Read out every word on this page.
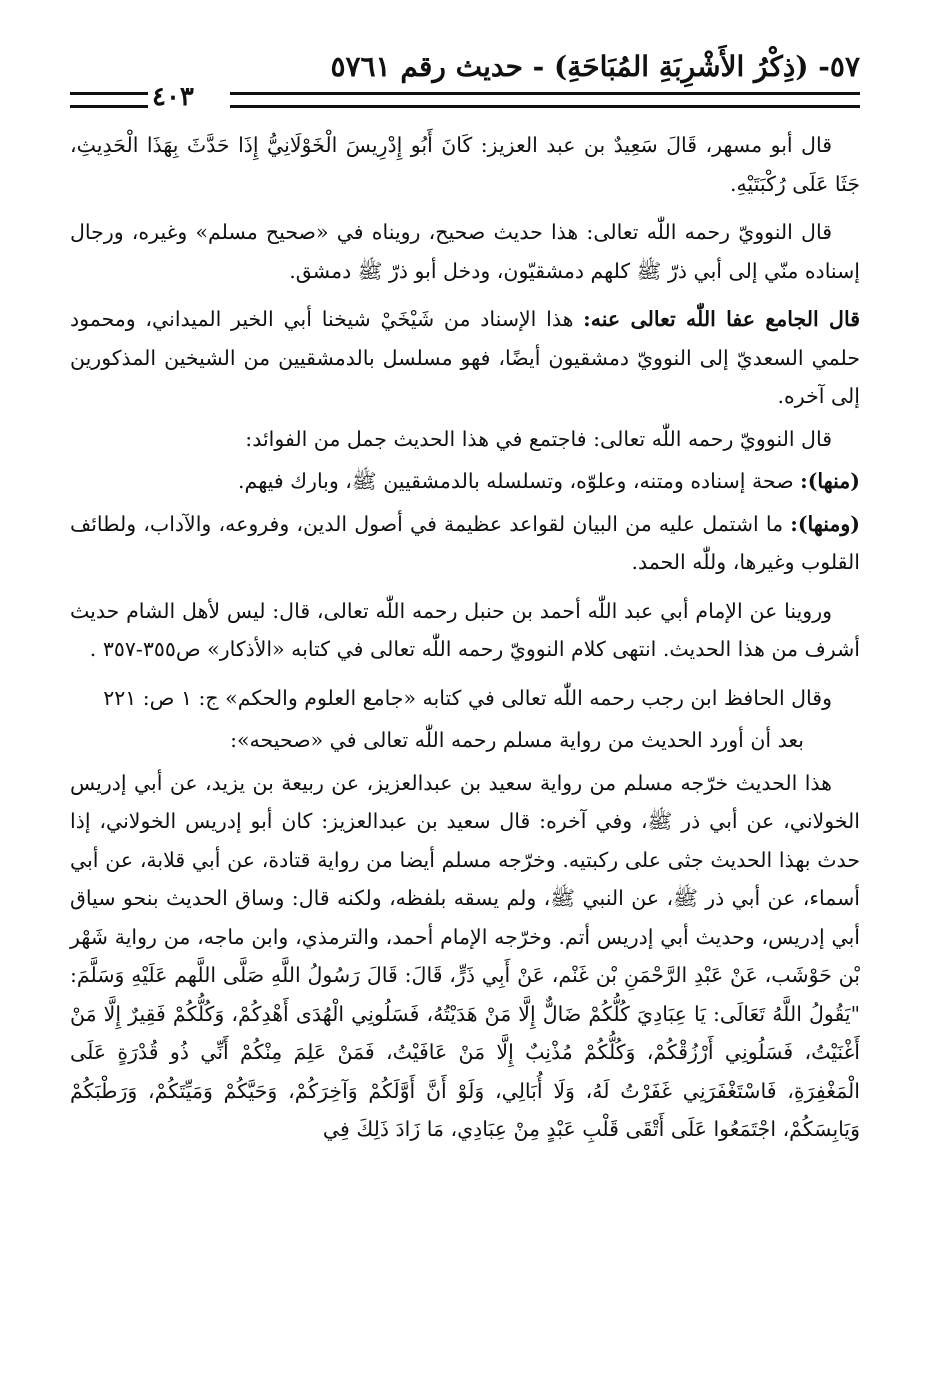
٥٧- (ذِكْرُ الأَشْرِبَةِ المُبَاحَةِ) - حديث رقم ٥٧٦١
٤٠٣

قال أبو مسهر، قَالَ سَعِيدٌ بن عبد العزيز: كَانَ أَبُو إِدْرِيسَ الْخَوْلَانِيُّ إِذَا حَدَّثَ بِهَذَا الْحَدِيثِ، جَثَا عَلَى رُكْبَتَيْهِ.

قال النوويّ رحمه اللّٰه تعالى: هذا حديث صحيح، رويناه في «صحيح مسلم» وغيره، ورجال إسناده منّي إلى أبي ذرّ ﷺ كلهم دمشقيّون، ودخل أبو ذرّ ﷺ دمشق.

قال الجامع عفا اللّٰه تعالى عنه: هذا الإسناد من شَيْخَيْ شيخنا أبي الخير الميداني، ومحمود حلمي السعديّ إلى النوويّ دمشقيون أيضًا، فهو مسلسل بالدمشقيين من الشيخين المذكورين إلى آخره.

قال النوويّ رحمه اللّٰه تعالى: فاجتمع في هذا الحديث جمل من الفوائد:

(منها): صحة إسناده ومتنه، وعلوّه، وتسلسله بالدمشقيين ﷺ، وبارك فيهم.

(ومنها): ما اشتمل عليه من البيان لقواعد عظيمة في أصول الدين، وفروعه، والآداب، ولطائف القلوب وغيرها، وللّٰه الحمد.

وروينا عن الإمام أبي عبد اللّٰه أحمد بن حنبل رحمه اللّٰه تعالى، قال: ليس لأهل الشام حديث أشرف من هذا الحديث. انتهى كلام النوويّ رحمه اللّٰه تعالى في كتابه «الأذكار» ص٣٥٥-٣٥٧ .

وقال الحافظ ابن رجب رحمه اللّٰه تعالى في كتابه «جامع العلوم والحكم» ج: ١ ص: ٢٢١

بعد أن أورد الحديث من رواية مسلم رحمه اللّٰه تعالى في «صحيحه»:

هذا الحديث خرّجه مسلم من رواية سعيد بن عبدالعزيز، عن ربيعة بن يزيد، عن أبي إدريس الخولاني، عن أبي ذر ﷺ، وفي آخره: قال سعيد بن عبدالعزيز: كان أبو إدريس الخولاني، إذا حدث بهذا الحديث جثى على ركبتيه. وخرّجه مسلم أيضا من رواية قتادة، عن أبي قلابة، عن أبي أسماء، عن أبي ذر ﷺ، عن النبي ﷺ، ولم يسقه بلفظه، ولكنه قال: وساق الحديث بنحو سياق أبي إدريس، وحديث أبي إدريس أتم. وخرّجه الإمام أحمد، والترمذي، وابن ماجه، من رواية شَهْر بْن حَوْشَب، عَنْ عَبْدِ الرَّحْمَنِ بْن غَنْم، عَنْ أَبِي ذَرٍّ، قَالَ: قَالَ رَسُولُ اللَّهِ صَلَّى اللَّهم عَلَيْهِ وَسَلَّمَ: "يَقُولُ اللَّهُ تَعَالَى: يَا عِبَادِيَ كُلُّكُمْ ضَالٌّ إِلَّا مَنْ هَدَيْتُهُ، فَسَلُونِي الْهُدَى أَهْدِكُمْ، وَكُلُّكُمْ فَقِيرٌ إِلَّا مَنْ أَغْنَيْتُ، فَسَلُونِي أَرْزُقْكُمْ، وَكُلُّكُمْ مُذْنِبٌ إِلَّا مَنْ عَافَيْتُ، فَمَنْ عَلِمَ مِنْكُمْ أَنِّي ذُو قُدْرَةٍ عَلَى الْمَغْفِرَةِ، فَاسْتَغْفَرَنِي غَفَرْتُ لَهُ، وَلَا أُبَالِي، وَلَوْ أَنَّ أَوَّلَكُمْ وَآخِرَكُمْ، وَحَيَّكُمْ وَمَيِّتَكُمْ، وَرَطْبَكُمْ وَيَابِسَكُمْ، اجْتَمَعُوا عَلَى أَتْقَى قَلْبِ عَبْدٍ مِنْ عِبَادِي، مَا زَادَ ذَلِكَ فِي
